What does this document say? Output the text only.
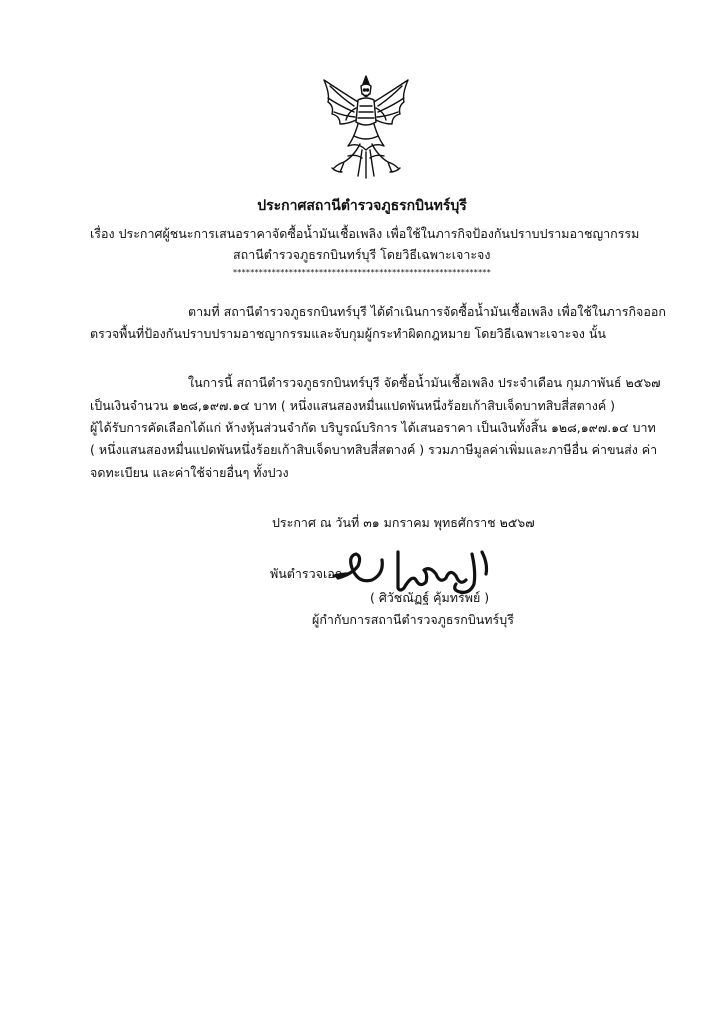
ประกาศสถานีตำรวจภูธรกบินทร์บุรี
เรื่อง ประกาศผู้ชนะการเสนอราคาจัดซื้อน้ำมันเชื้อเพลิง เพื่อใช้ในภารกิจป้องกันปราบปรามอาชญากรรม
สถานีตำรวจภูธรกบินทร์บุรี โดยวิธีเฉพาะเจาะจง
************************************************************
ตามที่ สถานีตำรวจภูธรกบินทร์บุรี ได้ดำเนินการจัดซื้อน้ำมันเชื้อเพลิง เพื่อใช้ในภารกิจออก
ตรวจพื้นที่ป้องกันปราบปรามอาชญากรรมและจับกุมผู้กระทำผิดกฎหมาย โดยวิธีเฉพาะเจาะจง นั้น
ในการนี้ สถานีตำรวจภูธรกบินทร์บุรี จัดซื้อน้ำมันเชื้อเพลิง ประจำเดือน กุมภาพันธ์ ๒๕๖๗
เป็นเงินจำนวน ๑๒๘,๑๙๗.๑๔ บาท ( หนึ่งแสนสองหมื่นแปดพันหนึ่งร้อยเก้าสิบเจ็ดบาทสิบสี่สตางค์ )
ผู้ได้รับการคัดเลือกได้แก่ ห้างหุ้นส่วนจำกัด บริบูรณ์บริการ ได้เสนอราคา เป็นเงินทั้งสิ้น ๑๒๘,๑๙๗.๑๔ บาท
( หนึ่งแสนสองหมื่นแปดพันหนึ่งร้อยเก้าสิบเจ็ดบาทสิบสี่สตางค์ ) รวมภาษีมูลค่าเพิ่มและภาษีอื่น ค่าขนส่ง ค่า
จดทะเบียน และค่าใช้จ่ายอื่นๆ ทั้งปวง
ประกาศ ณ วันที่ ๓๑ มกราคม พุทธศักราช ๒๕๖๗
พันตำรวจเอก
( ศิวัชณัฏฐ์ คุ้มทรัพย์ )
ผู้กำกับการสถานีตำรวจภูธรกบินทร์บุรี
